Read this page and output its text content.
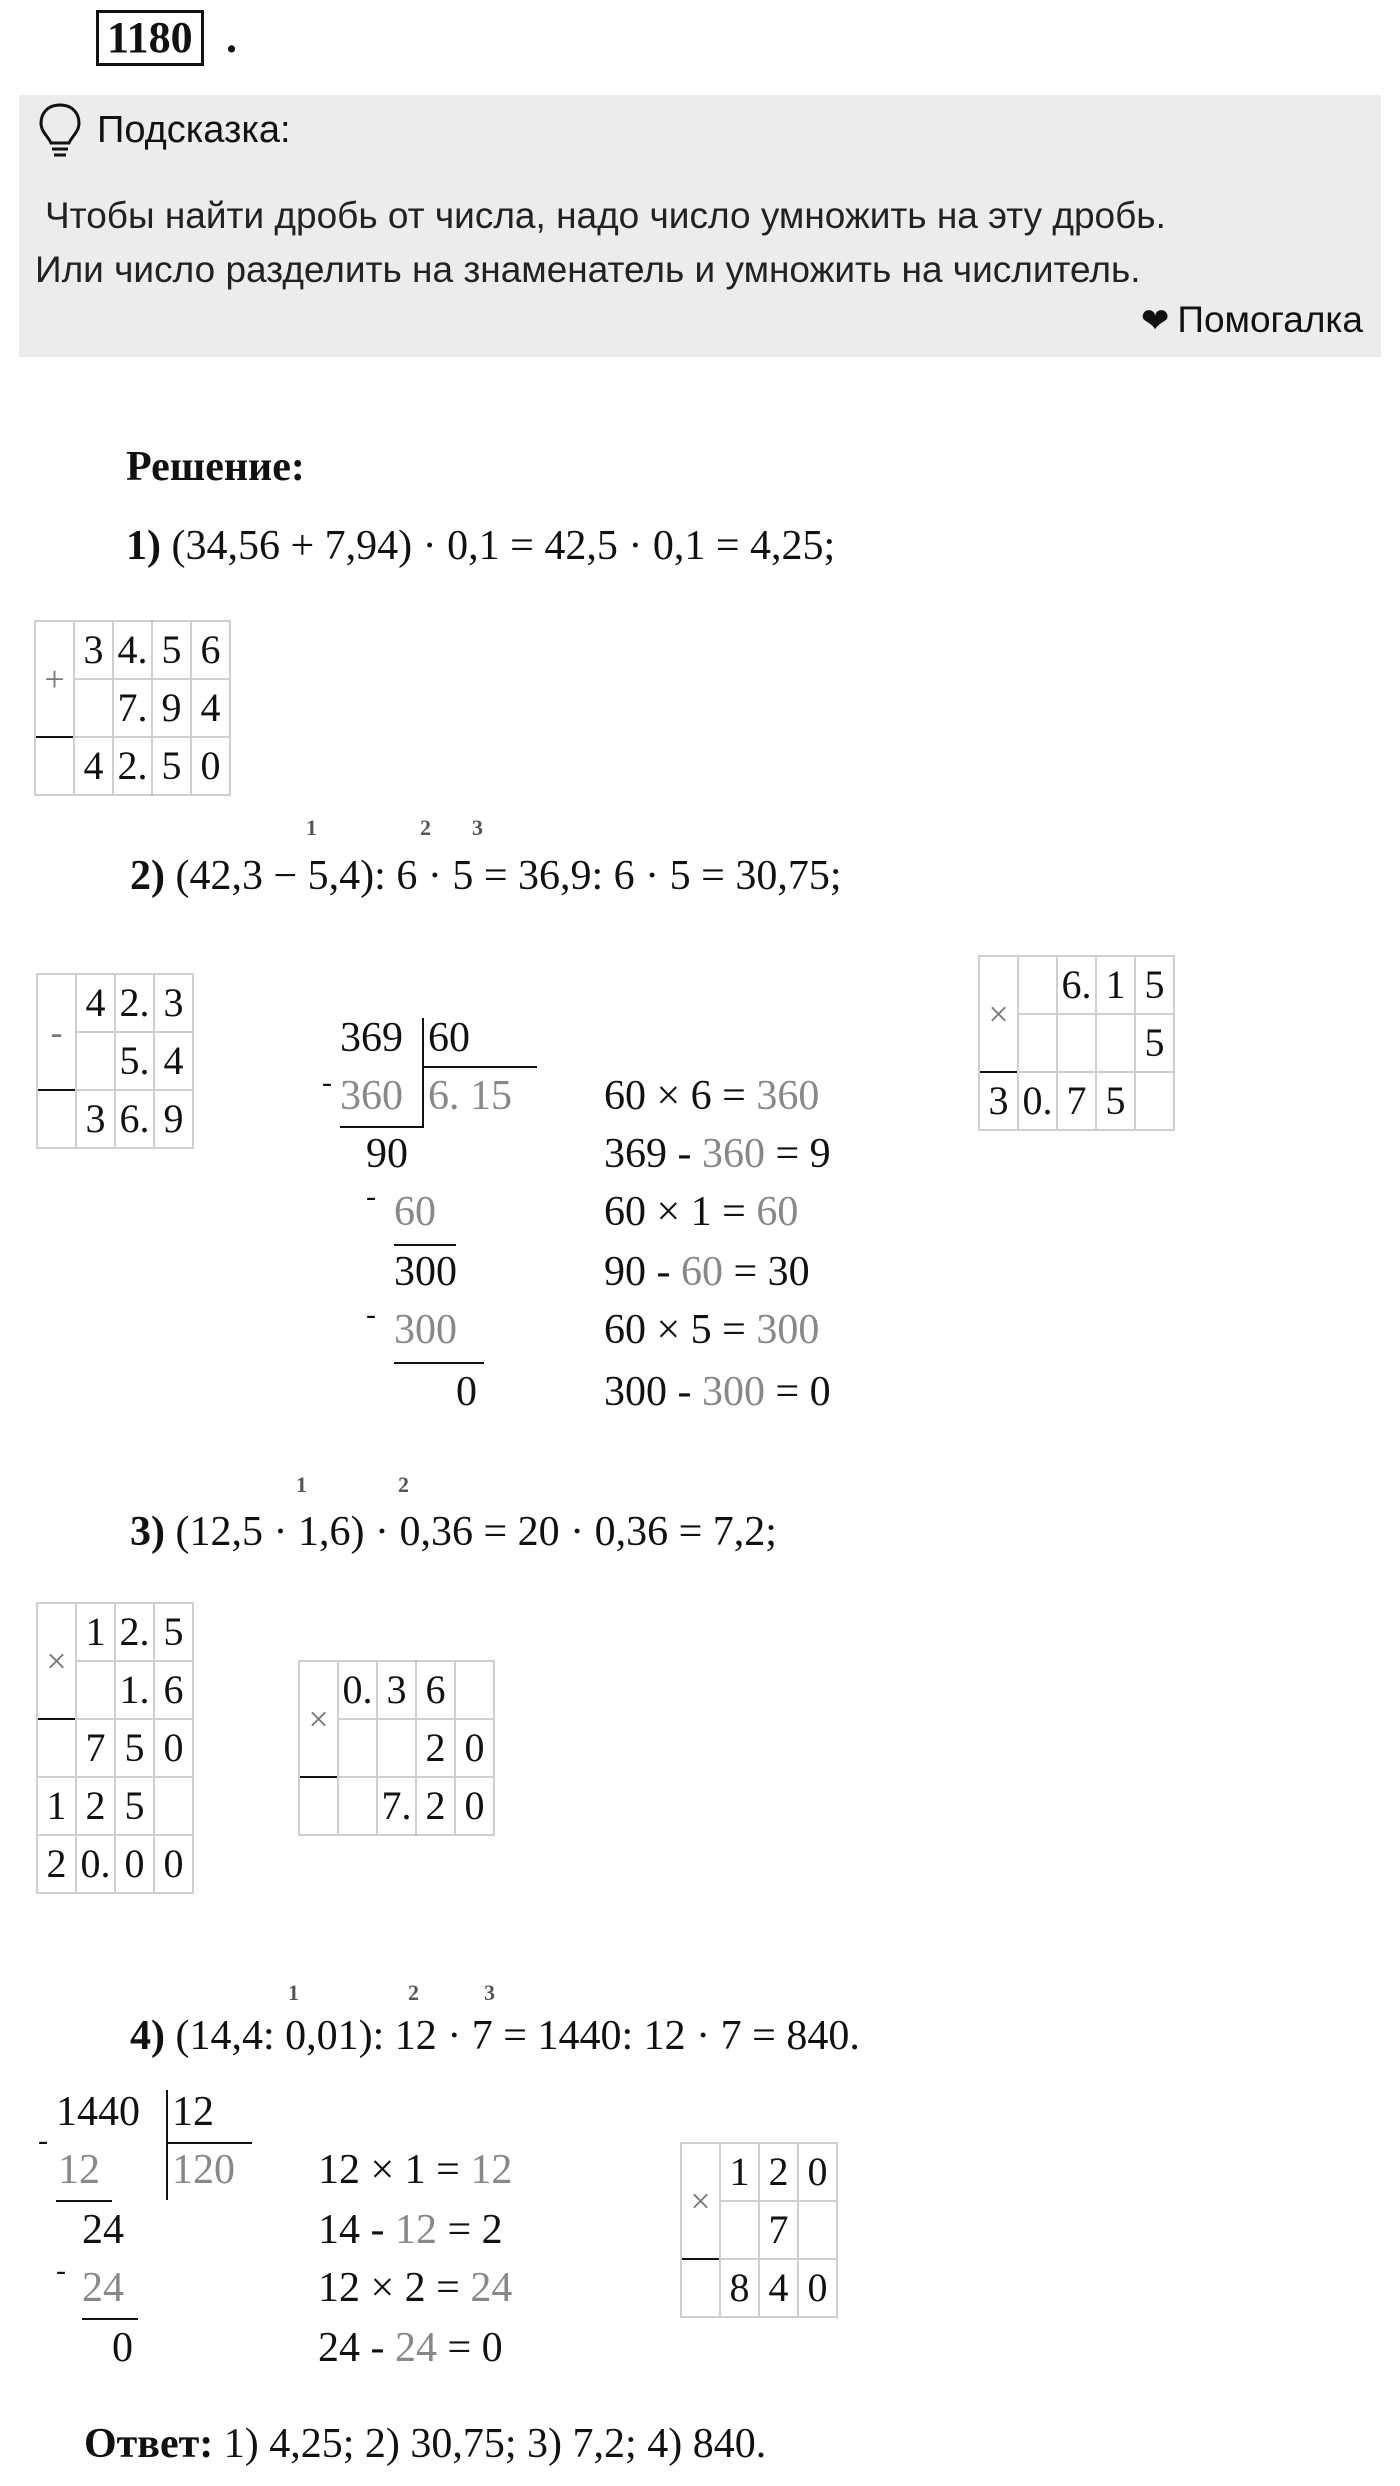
1180 .
Подсказка:
Чтобы найти дробь от числа, надо число умножить на эту дробь.
Или число разделить на знаменатель и умножить на числитель.
❤ Помогалка
Решение:
1) (34,56 + 7,94) · 0,1 = 42,5 · 0,1 = 4,25;
+	3	4.	5	6
		7.	9	4
	4	2.	5	0
1	2 3
2) (42,3 − 5,4): 6 · 5 = 36,9: 6 · 5 = 30,75;
-	4	2.	3
		5.	4
	3	6.	9
-
369 60
360 6. 15
90
- 60
300
- 300
0
60 × 6 = 360
369 - 360 = 9
60 × 1 = 60
90 - 60 = 30
60 × 5 = 300
300 - 300 = 0
×		6.	1	5
				5
3	0.	7	5	
1	2
3) (12,5 · 1,6) · 0,36 = 20 · 0,36 = 7,2;
×	1	2.	5
		1.	6
	7	5	0
1	2	5	
2	0.	0	0
×	0.	3	6	
			2	0
		7.	2	0
1	2	3
4) (14,4: 0,01): 12 · 7 = 1440: 12 · 7 = 840.
-
1440 12
12 120
24
- 24
0
12 × 1 = 12
14 - 12 = 2
12 × 2 = 24
24 - 24 = 0
×	1	2	0
		7	
	8	4	0
Ответ: 1) 4,25; 2) 30,75; 3) 7,2; 4) 840.
